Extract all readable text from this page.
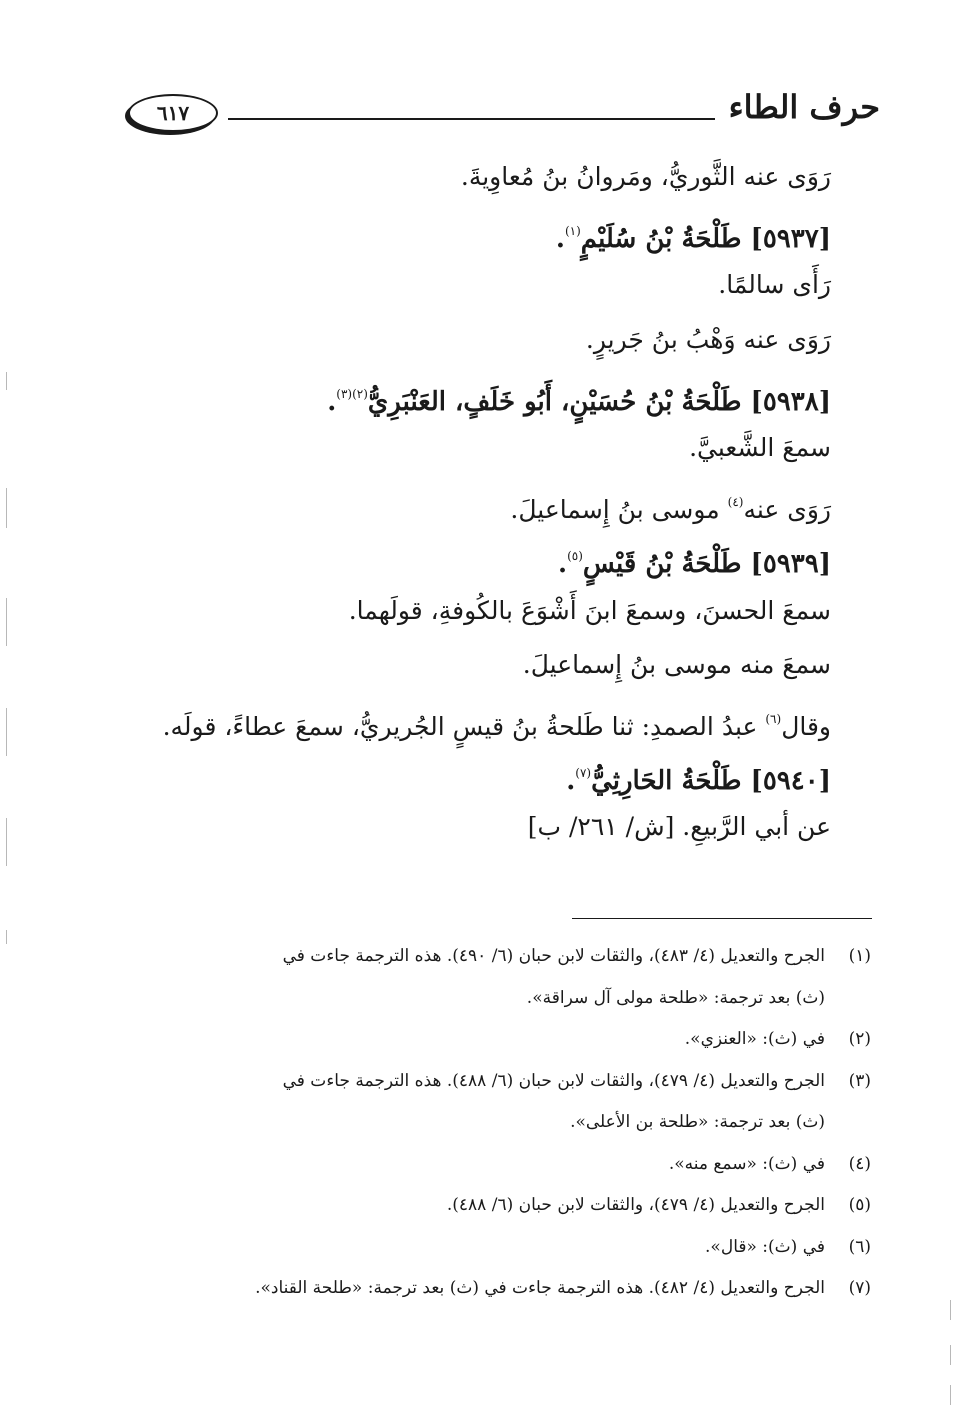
حرف الطاء
٦١٧
رَوَى عنه الثَّوريُّ، ومَروانُ بنُ مُعاوِيةَ.
[٥٩٣٧] طَلْحَةُ بْنُ سُلَيْمٍ$^{(١)}$.
رَأَى سالمًا.
رَوَى عنه وَهْبُ بنُ جَريرٍ.
[٥٩٣٨] طَلْحَةُ بْنُ حُسَيْنٍ، أَبُو خَلَفٍ، العَنْبَرِيُّ$^{(٢)(٣)}$.
سمعَ الشَّعبيَّ.
رَوَى عنه$^{(٤)}$ موسى بنُ إِسماعيلَ.
[٥٩٣٩] طَلْحَةُ بْنُ قَيْسٍ$^{(٥)}$.
سمعَ الحسنَ، وسمعَ ابنَ أَشْوَعَ بالكُوفةِ، قولَهما.
سمعَ منه موسى بنُ إِسماعيلَ.
وقال$^{(٦)}$ عبدُ الصمدِ: ثنا طَلحةُ بنُ قيسٍ الجُريريُّ، سمعَ عطاءً، قولَه.
[٥٩٤٠] طَلْحَةُ الحَارِثِيُّ$^{(٧)}$.
عن أبي الرَّبيعِ. [ش/ ٢٦١/ ب]
(١)الجرح والتعديل (٤/ ٤٨٣)، والثقات لابن حبان (٦/ ٤٩٠). هذه الترجمة جاءت في
(ث) بعد ترجمة: «طلحة مولى آل سراقة».
(٢)في (ث): «العنزي».
(٣)الجرح والتعديل (٤/ ٤٧٩)، والثقات لابن حبان (٦/ ٤٨٨). هذه الترجمة جاءت في
(ث) بعد ترجمة: «طلحة بن الأعلى».
(٤)في (ث): «سمع منه».
(٥)الجرح والتعديل (٤/ ٤٧٩)، والثقات لابن حبان (٦/ ٤٨٨).
(٦)في (ث): «قال».
(٧)الجرح والتعديل (٤/ ٤٨٢). هذه الترجمة جاءت في (ث) بعد ترجمة: «طلحة القناد».
